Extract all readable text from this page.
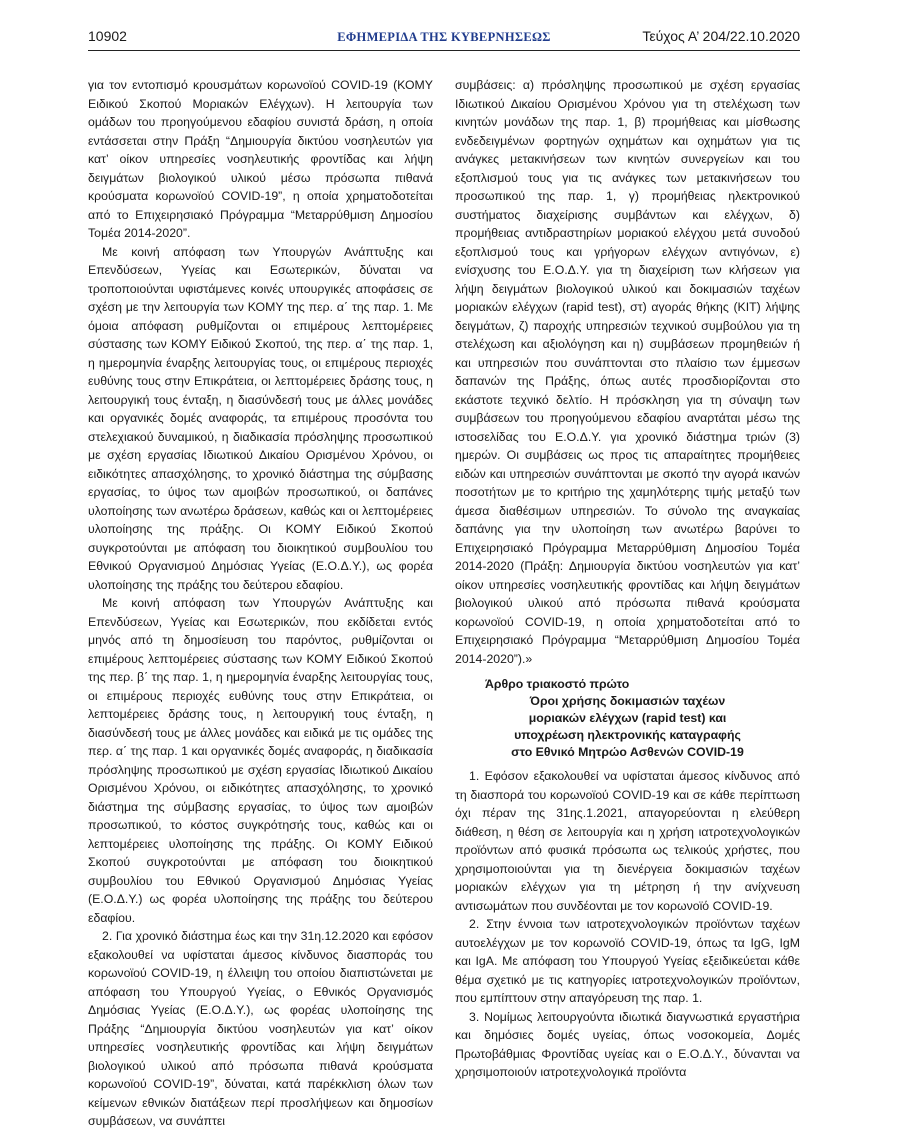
10902	ΕΦΗΜΕΡΙΔΑ ΤΗΣ ΚΥΒΕΡΝΗΣΕΩΣ	Τεύχος Α’ 204/22.10.2020

για τον εντοπισμό κρουσμάτων κορωνοϊού COVID-19 (ΚΟΜΥ Ειδικού Σκοπού Μοριακών Ελέγχων). Η λειτουργία των ομάδων του προηγούμενου εδαφίου συνιστά δράση, η οποία εντάσσεται στην Πράξη “Δημιουργία δικτύου νοσηλευτών για κατ’ οίκον υπηρεσίες νοσηλευτικής φροντίδας και λήψη δειγμάτων βιολογικού υλικού μέσω πρόσωπα πιθανά κρούσματα κορωνοϊού COVID-19”, η οποία χρηματοδοτείται από το Επιχειρησιακό Πρόγραμμα “Μεταρρύθμιση Δημοσίου Τομέα 2014-2020”.

Με κοινή απόφαση των Υπουργών Ανάπτυξης και Επενδύσεων, Υγείας και Εσωτερικών, δύναται να τροποποιούνται υφιστάμενες κοινές υπουργικές αποφάσεις σε σχέση με την λειτουργία των ΚΟΜΥ της περ. α΄ της παρ. 1. Με όμοια απόφαση ρυθμίζονται οι επιμέρους λεπτομέρειες σύστασης των ΚΟΜΥ Ειδικού Σκοπού, της περ. α΄ της παρ. 1, η ημερομηνία έναρξης λειτουργίας τους, οι επιμέρους περιοχές ευθύνης τους στην Επικράτεια, οι λεπτομέρειες δράσης τους, η λειτουργική τους ένταξη, η διασύνδεσή τους με άλλες μονάδες και οργανικές δομές αναφοράς, τα επιμέρους προσόντα του στελεχιακού δυναμικού, η διαδικασία πρόσληψης προσωπικού με σχέση εργασίας Ιδιωτικού Δικαίου Ορισμένου Χρόνου, οι ειδικότητες απασχόλησης, το χρονικό διάστημα της σύμβασης εργασίας, το ύψος των αμοιβών προσωπικού, οι δαπάνες υλοποίησης των ανωτέρω δράσεων, καθώς και οι λεπτομέρειες υλοποίησης της πράξης. Οι ΚΟΜΥ Ειδικού Σκοπού συγκροτούνται με απόφαση του διοικητικού συμβουλίου του Εθνικού Οργανισμού Δημόσιας Υγείας (Ε.Ο.Δ.Υ.), ως φορέα υλοποίησης της πράξης του δεύτερου εδαφίου.

Με κοινή απόφαση των Υπουργών Ανάπτυξης και Επενδύσεων, Υγείας και Εσωτερικών, που εκδίδεται εντός μηνός από τη δημοσίευση του παρόντος, ρυθμίζονται οι επιμέρους λεπτομέρειες σύστασης των ΚΟΜΥ Ειδικού Σκοπού της περ. β΄ της παρ. 1, η ημερομηνία έναρξης λειτουργίας τους, οι επιμέρους περιοχές ευθύνης τους στην Επικράτεια, οι λεπτομέρειες δράσης τους, η λειτουργική τους ένταξη, η διασύνδεσή τους με άλλες μονάδες και ειδικά με τις ομάδες της περ. α΄ της παρ. 1 και οργανικές δομές αναφοράς, η διαδικασία πρόσληψης προσωπικού με σχέση εργασίας Ιδιωτικού Δικαίου Ορισμένου Χρόνου, οι ειδικότητες απασχόλησης, το χρονικό διάστημα της σύμβασης εργασίας, το ύψος των αμοιβών προσωπικού, το κόστος συγκρότησής τους, καθώς και οι λεπτομέρειες υλοποίησης της πράξης. Οι ΚΟΜΥ Ειδικού Σκοπού συγκροτούνται με απόφαση του διοικητικού συμβουλίου του Εθνικού Οργανισμού Δημόσιας Υγείας (Ε.Ο.Δ.Υ.) ως φορέα υλοποίησης της πράξης του δεύτερου εδαφίου.

2. Για χρονικό διάστημα έως και την 31η.12.2020 και εφόσον εξακολουθεί να υφίσταται άμεσος κίνδυνος διασποράς του κορωνοϊού COVID-19, η έλλειψη του οποίου διαπιστώνεται με απόφαση του Υπουργού Υγείας, ο Εθνικός Οργανισμός Δημόσιας Υγείας (Ε.Ο.Δ.Υ.), ως φορέας υλοποίησης της Πράξης “Δημιουργία δικτύου νοσηλευτών για κατ’ οίκον υπηρεσίες νοσηλευτικής φροντίδας και λήψη δειγμάτων βιολογικού υλικού από πρόσωπα πιθανά κρούσματα κορωνοϊού COVID-19”, δύναται, κατά παρέκκλιση όλων των κείμενων εθνικών διατάξεων περί προσλήψεων και δημοσίων συμβάσεων, να συνάπτει

συμβάσεις: α) πρόσληψης προσωπικού με σχέση εργασίας Ιδιωτικού Δικαίου Ορισμένου Χρόνου για τη στελέχωση των κινητών μονάδων της παρ. 1, β) προμήθειας και μίσθωσης ενδεδειγμένων φορτηγών οχημάτων και οχημάτων για τις ανάγκες μετακινήσεων των κινητών συνεργείων και του εξοπλισμού τους για τις ανάγκες των μετακινήσεων του προσωπικού της παρ. 1, γ) προμήθειας ηλεκτρονικού συστήματος διαχείρισης συμβάντων και ελέγχων, δ) προμήθειας αντιδραστηρίων μοριακού ελέγχου μετά συνοδού εξοπλισμού τους και γρήγορων ελέγχων αντιγόνων, ε) ενίσχυσης του Ε.Ο.Δ.Υ. για τη διαχείριση των κλήσεων για λήψη δειγμάτων βιολογικού υλικού και δοκιμασιών ταχέων μοριακών ελέγχων (rapid test), στ) αγοράς θήκης (KIT) λήψης δειγμάτων, ζ) παροχής υπηρεσιών τεχνικού συμβούλου για τη στελέχωση και αξιολόγηση και η) συμβάσεων προμηθειών ή και υπηρεσιών που συνάπτονται στο πλαίσιο των έμμεσων δαπανών της Πράξης, όπως αυτές προσδιορίζονται στο εκάστοτε τεχνικό δελτίο. Η πρόσκληση για τη σύναψη των συμβάσεων του προηγούμενου εδαφίου αναρτάται μέσω της ιστοσελίδας του Ε.Ο.Δ.Υ. για χρονικό διάστημα τριών (3) ημερών. Οι συμβάσεις ως προς τις απαραίτητες προμήθειες ειδών και υπηρεσιών συνάπτονται με σκοπό την αγορά ικανών ποσοτήτων με το κριτήριο της χαμηλότερης τιμής μεταξύ των άμεσα διαθέσιμων υπηρεσιών. Το σύνολο της αναγκαίας δαπάνης για την υλοποίηση των ανωτέρω βαρύνει το Επιχειρησιακό Πρόγραμμα Μεταρρύθμιση Δημοσίου Τομέα 2014-2020 (Πράξη: Δημιουργία δικτύου νοσηλευτών για κατ’ οίκον υπηρεσίες νοσηλευτικής φροντίδας και λήψη δειγμάτων βιολογικού υλικού από πρόσωπα πιθανά κρούσματα κορωνοϊού COVID-19, η οποία χρηματοδοτείται από το Επιχειρησιακό Πρόγραμμα “Μεταρρύθμιση Δημοσίου Τομέα 2014-2020”).»

Άρθρο τριακοστό πρώτο
Όροι χρήσης δοκιμασιών ταχέων
μοριακών ελέγχων (rapid test) και
υποχρέωση ηλεκτρονικής καταγραφής
στο Εθνικό Μητρώο Ασθενών COVID-19

1. Εφόσον εξακολουθεί να υφίσταται άμεσος κίνδυνος από τη διασπορά του κορωνοϊού COVID-19 και σε κάθε περίπτωση όχι πέραν της 31ης.1.2021, απαγορεύονται η ελεύθερη διάθεση, η θέση σε λειτουργία και η χρήση ιατροτεχνολογικών προϊόντων από φυσικά πρόσωπα ως τελικούς χρήστες, που χρησιμοποιούνται για τη διενέργεια δοκιμασιών ταχέων μοριακών ελέγχων για τη μέτρηση ή την ανίχνευση αντισωμάτων που συνδέονται με τον κορωνοϊό COVID-19.

2. Στην έννοια των ιατροτεχνολογικών προϊόντων ταχέων αυτοελέγχων με τον κορωνοϊό COVID-19, όπως τα IgG, IgM και IgA. Με απόφαση του Υπουργού Υγείας εξειδικεύεται κάθε θέμα σχετικό με τις κατηγορίες ιατροτεχνολογικών προϊόντων, που εμπίπτουν στην απαγόρευση της παρ. 1.

3. Νομίμως λειτουργούντα ιδιωτικά διαγνωστικά εργαστήρια και δημόσιες δομές υγείας, όπως νοσοκομεία, Δομές Πρωτοβάθμιας Φροντίδας υγείας και ο Ε.Ο.Δ.Υ., δύνανται να χρησιμοποιούν ιατροτεχνολογικά προϊόντα
